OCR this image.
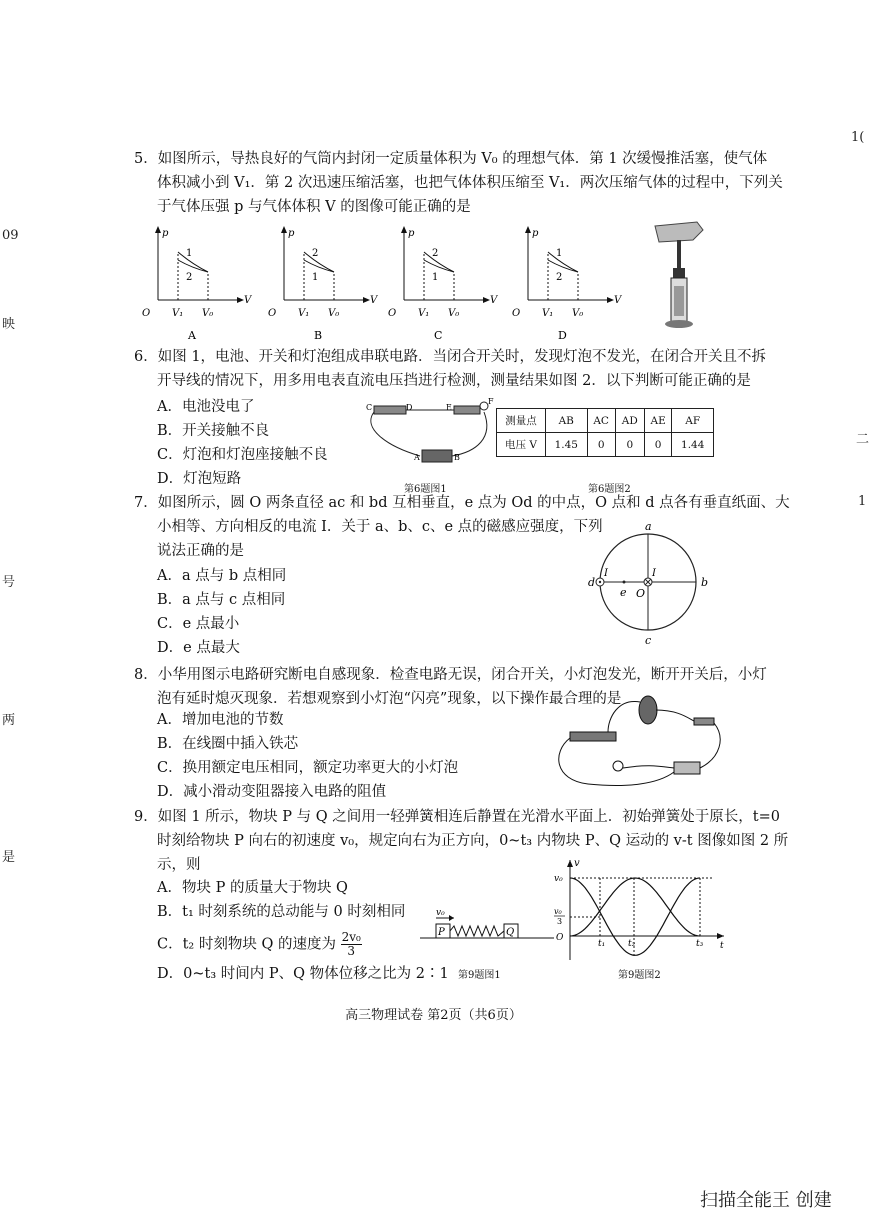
1(
09
映
二
1
号
两
是
5．如图所示，导热良好的气筒内封闭一定质量体积为 V₀ 的理想气体．第 1 次缓慢推活塞，使气体
体积减小到 V₁．第 2 次迅速压缩活塞，也把气体体积压缩至 V₁．两次压缩气体的过程中，下列关
于气体压强 p 与气体体积 V 的图像可能正确的是
p
V
O V₁ V₀
1
2
A
p
V
O V₁ V₀
2
1
B
p
V
O V₁ V₀
2
1
C
p
V
O V₁ V₀
1
2
D
6．如图 1，电池、开关和灯泡组成串联电路．当闭合开关时，发现灯泡不发光，在闭合开关且不拆
开导线的情况下，用多用电表直流电压挡进行检测，测量结果如图 2．以下判断可能正确的是
A．电池没电了
B．开关接触不良
C．灯泡和灯泡座接触不良
D．灯泡短路
C	D	E
F
A	B
第6题图1
测量点	AB	AC	AD	AE	AF
电压 V	1.45	0	0	0	1.44
第6题图2
7．如图所示，圆 O 两条直径 ac 和 bd 互相垂直，e 点为 Od 的中点，O 点和 d 点各有垂直纸面、大
小相等、方向相反的电流 I．关于 a、b、c、e 点的磁感应强度，下列
说法正确的是
A．a 点与 b 点相同
B．a 点与 c 点相同
C．e 点最小
D．e 点最大
a
b
c
d
e O
I	I
8．小华用图示电路研究断电自感现象．检查电路无误，闭合开关，小灯泡发光，断开开关后，小灯
泡有延时熄灭现象．若想观察到小灯泡“闪亮”现象，以下操作最合理的是
A．增加电池的节数
B．在线圈中插入铁芯
C．换用额定电压相同，额定功率更大的小灯泡
D．减小滑动变阻器接入电路的阻值
9．如图 1 所示，物块 P 与 Q 之间用一轻弹簧相连后静置在光滑水平面上．初始弹簧处于原长，t=0
时刻给物块 P 向右的初速度 v₀，规定向右为正方向，0~t₃ 内物块 P、Q 运动的 v-t 图像如图 2 所
示，则
A．物块 P 的质量大于物块 Q
B．t₁ 时刻系统的总动能与 0 时刻相同
C．t₂ 时刻物块 Q 的速度为 $\frac{\text{2v₀}}{3}$
D．0~t₃ 时间内 P、Q 物体位移之比为 2∶1
v₀
P	Q
第9题图1
v
v₀
v₀
3
O
t₁	t₂	t₃ t
第9题图2
高三物理试卷 第2页（共6页）
扫描全能王 创建
